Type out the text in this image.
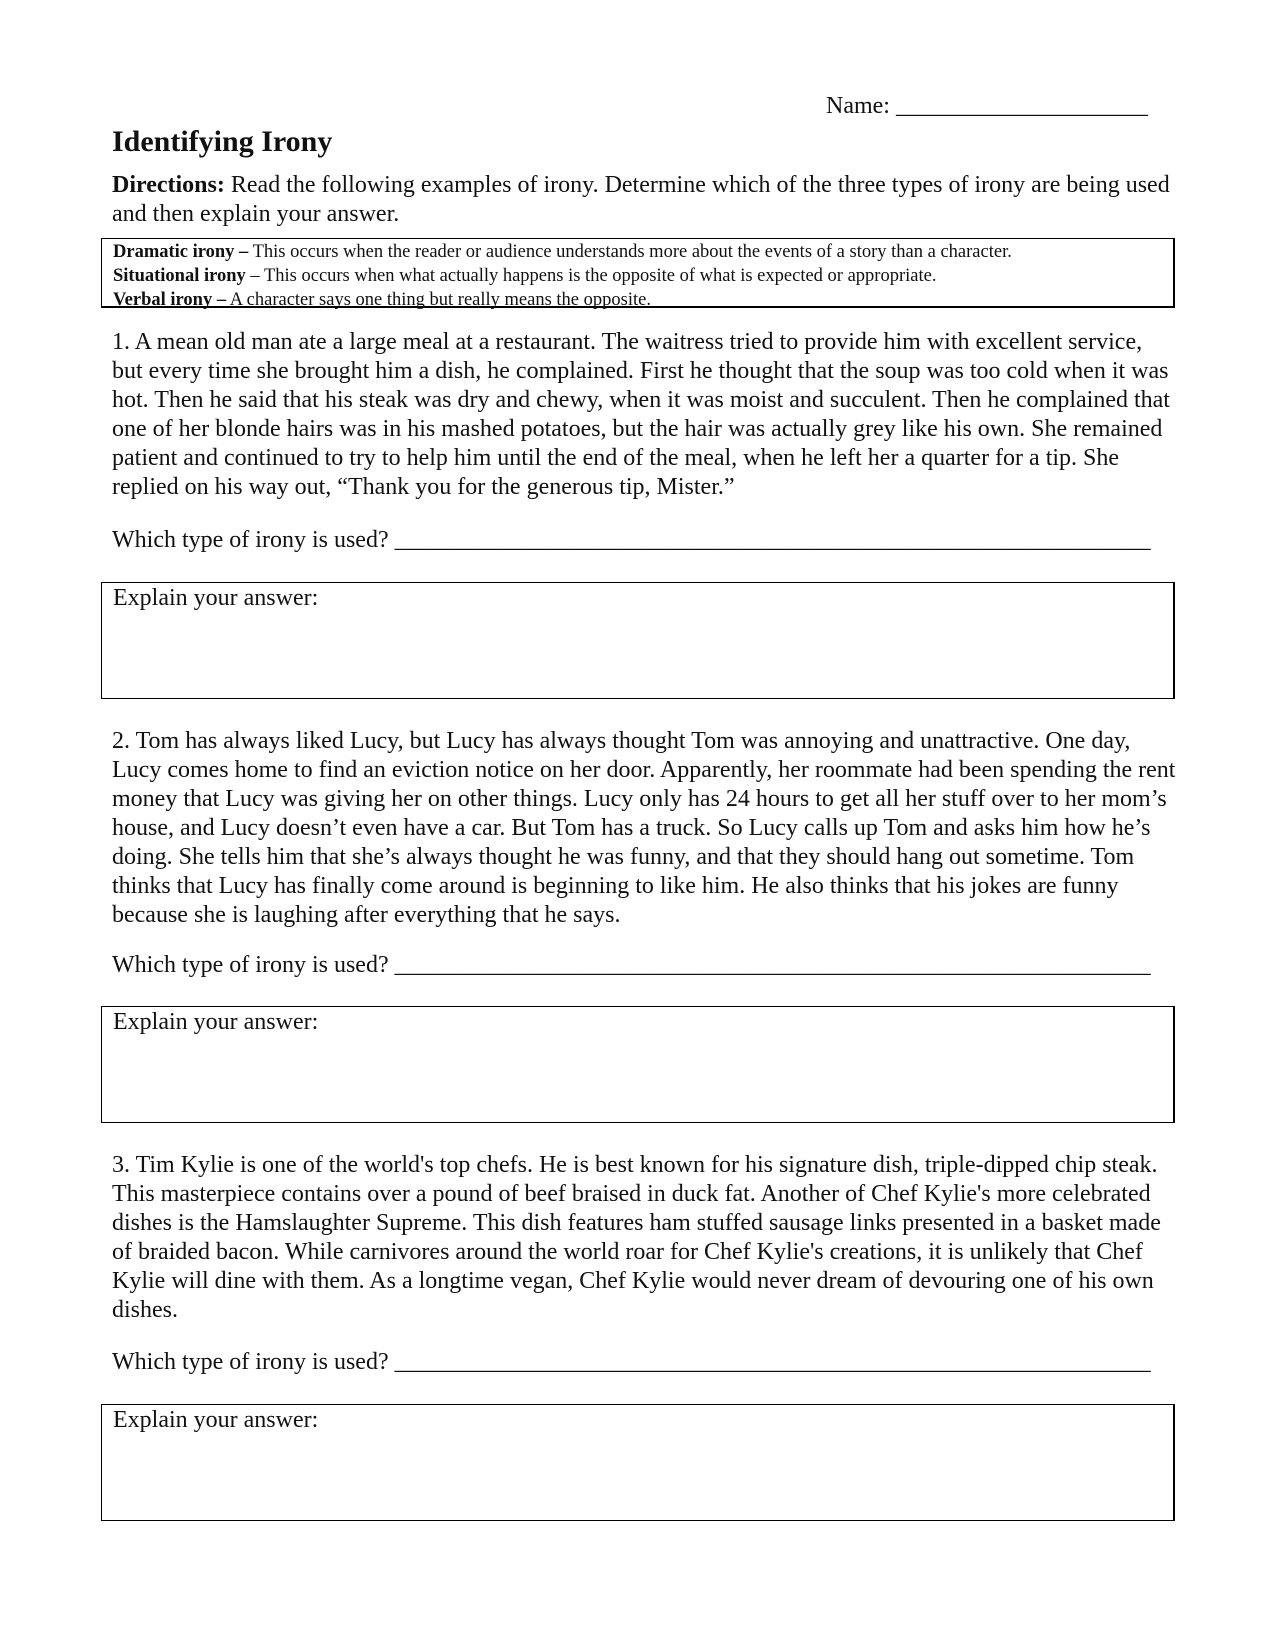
Name: _____________________
Identifying Irony
Directions: Read the following examples of irony. Determine which of the three types of irony are being used and then explain your answer.
Dramatic irony – This occurs when the reader or audience understands more about the events of a story than a character.
Situational irony – This occurs when what actually happens is the opposite of what is expected or appropriate.
Verbal irony – A character says one thing but really means the opposite.

1. A mean old man ate a large meal at a restaurant. The waitress tried to provide him with excellent service, but every time she brought him a dish, he complained. First he thought that the soup was too cold when it was hot. Then he said that his steak was dry and chewy, when it was moist and succulent. Then he complained that one of her blonde hairs was in his mashed potatoes, but the hair was actually grey like his own. She remained patient and continued to try to help him until the end of the meal, when he left her a quarter for a tip. She replied on his way out, “Thank you for the generous tip, Mister.”

Which type of irony is used? _______________________________________________________________
Explain your answer:

2. Tom has always liked Lucy, but Lucy has always thought Tom was annoying and unattractive. One day, Lucy comes home to find an eviction notice on her door. Apparently, her roommate had been spending the rent money that Lucy was giving her on other things. Lucy only has 24 hours to get all her stuff over to her mom’s house, and Lucy doesn’t even have a car. But Tom has a truck. So Lucy calls up Tom and asks him how he’s doing. She tells him that she’s always thought he was funny, and that they should hang out sometime. Tom thinks that Lucy has finally come around is beginning to like him. He also thinks that his jokes are funny because she is laughing after everything that he says.

Which type of irony is used? _______________________________________________________________
Explain your answer:

3. Tim Kylie is one of the world's top chefs. He is best known for his signature dish, triple-dipped chip steak. This masterpiece contains over a pound of beef braised in duck fat. Another of Chef Kylie's more celebrated dishes is the Hamslaughter Supreme. This dish features ham stuffed sausage links presented in a basket made of braided bacon. While carnivores around the world roar for Chef Kylie's creations, it is unlikely that Chef Kylie will dine with them. As a longtime vegan, Chef Kylie would never dream of devouring one of his own dishes.

Which type of irony is used? _______________________________________________________________
Explain your answer:
